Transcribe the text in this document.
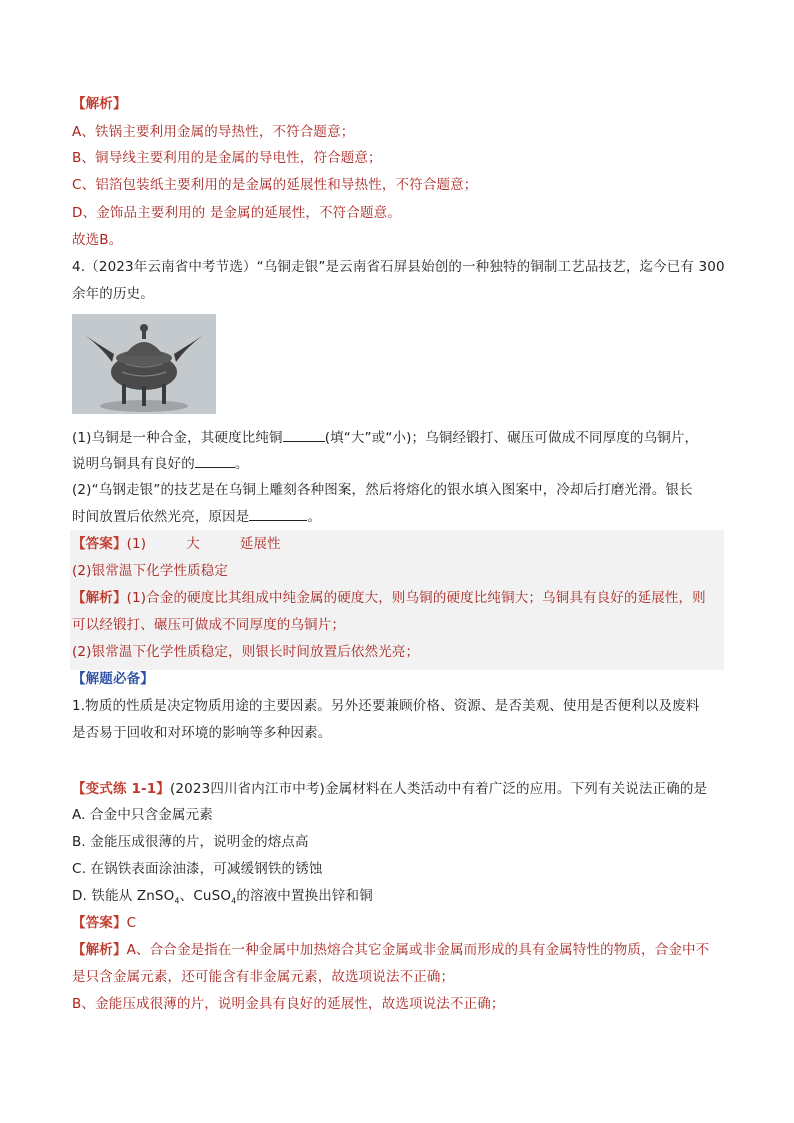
【解析】
A、铁锅主要利用金属的导热性，不符合题意；
B、铜导线主要利用的是金属的导电性，符合题意；
C、铝箔包装纸主要利用的是金属的延展性和导热性，不符合题意；
D、金饰品主要利用的 是金属的延展性，不符合题意。
故选B。
4.（2023年云南省中考节选）“乌铜走银”是云南省石屏县始创的一种独特的铜制工艺品技艺，迄今已有 300
余年的历史。
(1)乌铜是一种合金，其硬度比纯铜	(填“大”或“小)；乌铜经锻打、碾压可做成不同厚度的乌铜片，
说明乌铜具有良好的	。
(2)“乌钢走银”的技艺是在乌铜上雕刻各种图案，然后将熔化的银水填入图案中，冷却后打磨光滑。银长
时间放置后依然光亮，原因是	。
【答案】(1)	大	延展性
(2)银常温下化学性质稳定
【解析】(1)合金的硬度比其组成中纯金属的硬度大，则乌铜的硬度比纯铜大；乌铜具有良好的延展性，则
可以经锻打、碾压可做成不同厚度的乌铜片；
(2)银常温下化学性质稳定，则银长时间放置后依然光亮；
【解题必备】
1.物质的性质是决定物质用途的主要因素。另外还要兼顾价格、资源、是否美观、使用是否便利以及废料
是否易于回收和对环境的影响等多种因素。
【变式练 1-1】(2023四川省内江市中考)金属材料在人类活动中有着广泛的应用。下列有关说法正确的是
A. 合金中只含金属元素
B. 金能压成很薄的片，说明金的熔点高
C. 在锅铁表面涂油漆，可减缓钢铁的锈蚀
D. 铁能从 ZnSO$_4$、CuSO$_4$的溶液中置换出锌和铜
【答案】C
【解析】A、合合金是指在一种金属中加热熔合其它金属或非金属而形成的具有金属特性的物质，合金中不
是只含金属元素，还可能含有非金属元素，故选项说法不正确；
B、金能压成很薄的片，说明金具有良好的延展性，故选项说法不正确；
